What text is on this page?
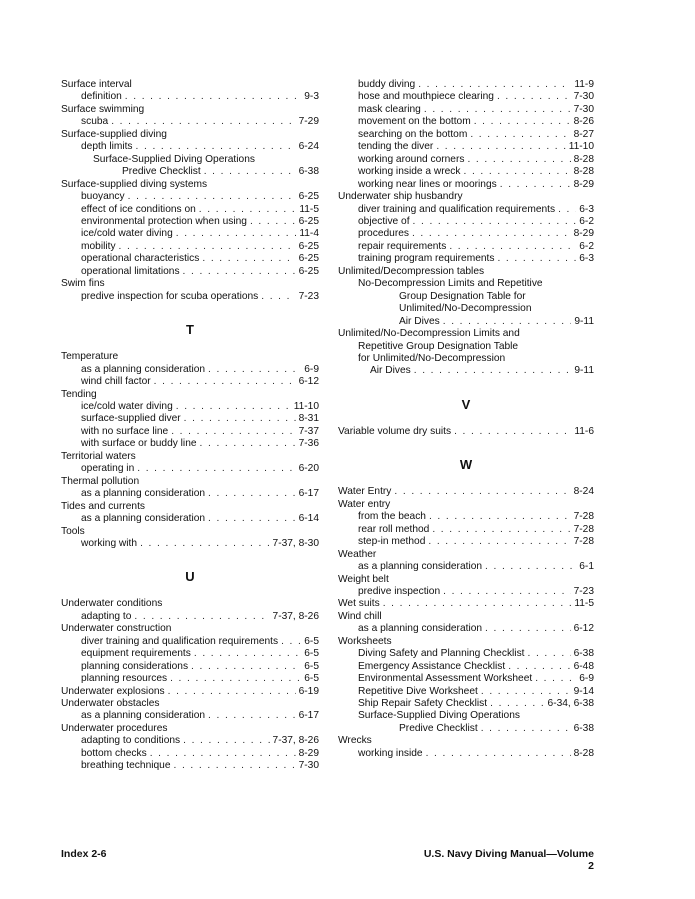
Surface interval
definition . . .	9-3
Surface swimming
scuba . . .	7-29
Surface-supplied diving
depth limits . . .	6-24
Surface-Supplied Diving Operations
Predive Checklist . . .	6-38
Surface-supplied diving systems
buoyancy . . .	6-25
effect of ice conditions on . . .	11-5
environmental protection when using . . .	6-25
ice/cold water diving . . .	11-4
mobility . . .	6-25
operational characteristics . . .	6-25
operational limitations . . .	6-25
Swim fins
predive inspection for scuba operations . . .	7-23
T
Temperature
as a planning consideration . . .	6-9
wind chill factor . . .	6-12
Tending
ice/cold water diving . . .	11-10
surface-supplied diver . . .	8-31
with no surface line . . .	7-37
with surface or buddy line . . .	7-36
Territorial waters
operating in . . .	6-20
Thermal pollution
as a planning consideration . . .	6-17
Tides and currents
as a planning consideration . . .	6-14
Tools
working with . . .	7-37, 8-30
U
Underwater conditions
adapting to . . .	7-37, 8-26
Underwater construction
diver training and qualification requirements . . .	6-5
equipment requirements . . .	6-5
planning considerations . . .	6-5
planning resources . . .	6-5
Underwater explosions . . .	6-19
Underwater obstacles
as a planning consideration . . .	6-17
Underwater procedures
adapting to conditions . . .	7-37, 8-26
bottom checks . . .	8-29
breathing technique . . .	7-30
buddy diving . . .	11-9
hose and mouthpiece clearing . . .	7-30
mask clearing . . .	7-30
movement on the bottom . . .	8-26
searching on the bottom . . .	8-27
tending the diver . . .	11-10
working around corners . . .	8-28
working inside a wreck . . .	8-28
working near lines or moorings . . .	8-29
Underwater ship husbandry
diver training and qualification requirements . . . 6-3
objective of . . .	6-2
procedures . . .	8-29
repair requirements . . .	6-2
training program requirements . . .	6-3
Unlimited/Decompression tables
No-Decompression Limits and Repetitive
Group Designation Table for
Unlimited/No-Decompression
Air Dives . . .	9-11
Unlimited/No-Decompression Limits and
Repetitive Group Designation Table
for Unlimited/No-Decompression
Air Dives . . .	9-11
V
Variable volume dry suits . . .	11-6
W
Water Entry . . .	8-24
Water entry
from the beach . . .	7-28
rear roll method . . .	7-28
step-in method . . .	7-28
Weather
as a planning consideration . . .	6-1
Weight belt
predive inspection . . .	7-23
Wet suits . . .	11-5
Wind chill
as a planning consideration . . .	6-12
Worksheets
Diving Safety and Planning Checklist . . .	6-38
Emergency Assistance Checklist . . .	6-48
Environmental Assessment Worksheet . . .	6-9
Repetitive Dive Worksheet . . .	9-14
Ship Repair Safety Checklist . . .	6-34, 6-38
Surface-Supplied Diving Operations
Predive Checklist . . .	6-38
Wrecks
working inside . . .	8-28
Index 2-6	U.S. Navy Diving Manual—Volume 2
